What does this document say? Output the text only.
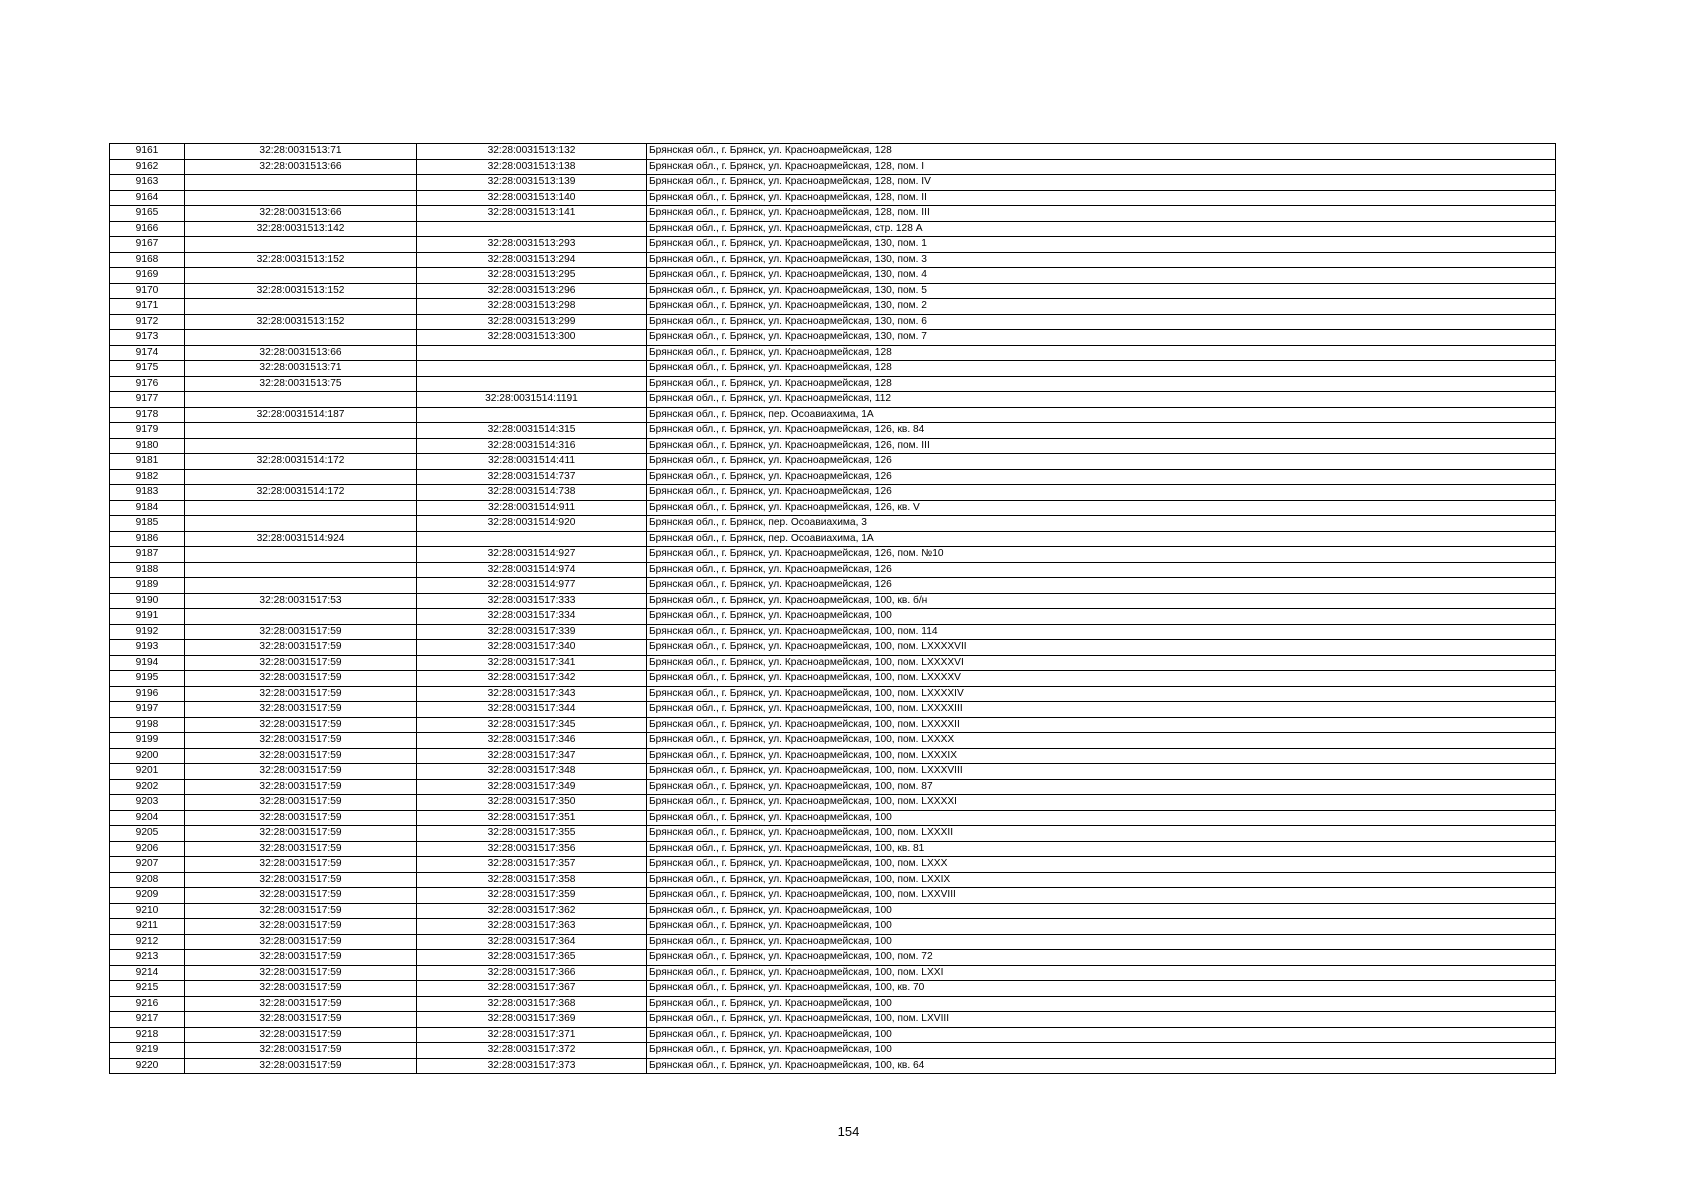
9161	32:28:0031513:71	32:28:0031513:132	Брянская обл., г. Брянск, ул. Красноармейская, 128
9162	32:28:0031513:66	32:28:0031513:138	Брянская обл., г. Брянск, ул. Красноармейская, 128, пом. I
9163		32:28:0031513:139	Брянская обл., г. Брянск, ул. Красноармейская, 128, пом. IV
9164		32:28:0031513:140	Брянская обл., г. Брянск, ул. Красноармейская, 128, пом. II
9165	32:28:0031513:66	32:28:0031513:141	Брянская обл., г. Брянск, ул. Красноармейская, 128, пом. III
9166	32:28:0031513:142		Брянская обл., г. Брянск, ул. Красноармейская, стр. 128 А
9167		32:28:0031513:293	Брянская обл., г. Брянск, ул. Красноармейская, 130, пом. 1
9168	32:28:0031513:152	32:28:0031513:294	Брянская обл., г. Брянск, ул. Красноармейская, 130, пом. 3
9169		32:28:0031513:295	Брянская обл., г. Брянск, ул. Красноармейская, 130, пом. 4
9170	32:28:0031513:152	32:28:0031513:296	Брянская обл., г. Брянск, ул. Красноармейская, 130, пом. 5
9171		32:28:0031513:298	Брянская обл., г. Брянск, ул. Красноармейская, 130, пом. 2
9172	32:28:0031513:152	32:28:0031513:299	Брянская обл., г. Брянск, ул. Красноармейская, 130, пом. 6
9173		32:28:0031513:300	Брянская обл., г. Брянск, ул. Красноармейская, 130, пом. 7
9174	32:28:0031513:66		Брянская обл., г. Брянск, ул. Красноармейская, 128
9175	32:28:0031513:71		Брянская обл., г. Брянск, ул. Красноармейская, 128
9176	32:28:0031513:75		Брянская обл., г. Брянск, ул. Красноармейская, 128
9177		32:28:0031514:1191	Брянская обл., г. Брянск, ул. Красноармейская, 112
9178	32:28:0031514:187		Брянская обл., г. Брянск, пер. Осоавиахима, 1А
9179		32:28:0031514:315	Брянская обл., г. Брянск, ул. Красноармейская, 126, кв. 84
9180		32:28:0031514:316	Брянская обл., г. Брянск, ул. Красноармейская, 126, пом. III
9181	32:28:0031514:172	32:28:0031514:411	Брянская обл., г. Брянск, ул. Красноармейская, 126
9182		32:28:0031514:737	Брянская обл., г. Брянск, ул. Красноармейская, 126
9183	32:28:0031514:172	32:28:0031514:738	Брянская обл., г. Брянск, ул. Красноармейская, 126
9184		32:28:0031514:911	Брянская обл., г. Брянск, ул. Красноармейская, 126, кв. V
9185		32:28:0031514:920	Брянская обл., г. Брянск, пер. Осоавиахима, 3
9186	32:28:0031514:924		Брянская обл., г. Брянск, пер. Осоавиахима, 1А
9187		32:28:0031514:927	Брянская обл., г. Брянск, ул. Красноармейская, 126, пом. №10
9188		32:28:0031514:974	Брянская обл., г. Брянск, ул. Красноармейская, 126
9189		32:28:0031514:977	Брянская обл., г. Брянск, ул. Красноармейская, 126
9190	32:28:0031517:53	32:28:0031517:333	Брянская обл., г. Брянск, ул. Красноармейская, 100, кв. б/н
9191		32:28:0031517:334	Брянская обл., г. Брянск, ул. Красноармейская, 100
9192	32:28:0031517:59	32:28:0031517:339	Брянская обл., г. Брянск, ул. Красноармейская, 100, пом. 114
9193	32:28:0031517:59	32:28:0031517:340	Брянская обл., г. Брянск, ул. Красноармейская, 100, пом. LXXXXVII
9194	32:28:0031517:59	32:28:0031517:341	Брянская обл., г. Брянск, ул. Красноармейская, 100, пом. LXXXXVI
9195	32:28:0031517:59	32:28:0031517:342	Брянская обл., г. Брянск, ул. Красноармейская, 100, пом. LXXXXV
9196	32:28:0031517:59	32:28:0031517:343	Брянская обл., г. Брянск, ул. Красноармейская, 100, пом. LXXXXIV
9197	32:28:0031517:59	32:28:0031517:344	Брянская обл., г. Брянск, ул. Красноармейская, 100, пом. LXXXXIII
9198	32:28:0031517:59	32:28:0031517:345	Брянская обл., г. Брянск, ул. Красноармейская, 100, пом. LXXXXII
9199	32:28:0031517:59	32:28:0031517:346	Брянская обл., г. Брянск, ул. Красноармейская, 100, пом. LXXXX
9200	32:28:0031517:59	32:28:0031517:347	Брянская обл., г. Брянск, ул. Красноармейская, 100, пом. LXXXIX
9201	32:28:0031517:59	32:28:0031517:348	Брянская обл., г. Брянск, ул. Красноармейская, 100, пом. LXXXVIII
9202	32:28:0031517:59	32:28:0031517:349	Брянская обл., г. Брянск, ул. Красноармейская, 100, пом. 87
9203	32:28:0031517:59	32:28:0031517:350	Брянская обл., г. Брянск, ул. Красноармейская, 100, пом. LXXXXI
9204	32:28:0031517:59	32:28:0031517:351	Брянская обл., г. Брянск, ул. Красноармейская, 100
9205	32:28:0031517:59	32:28:0031517:355	Брянская обл., г. Брянск, ул. Красноармейская, 100, пом. LXXXII
9206	32:28:0031517:59	32:28:0031517:356	Брянская обл., г. Брянск, ул. Красноармейская, 100, кв. 81
9207	32:28:0031517:59	32:28:0031517:357	Брянская обл., г. Брянск, ул. Красноармейская, 100, пом. LXXX
9208	32:28:0031517:59	32:28:0031517:358	Брянская обл., г. Брянск, ул. Красноармейская, 100, пом. LXXIX
9209	32:28:0031517:59	32:28:0031517:359	Брянская обл., г. Брянск, ул. Красноармейская, 100, пом. LXXVIII
9210	32:28:0031517:59	32:28:0031517:362	Брянская обл., г. Брянск, ул. Красноармейская, 100
9211	32:28:0031517:59	32:28:0031517:363	Брянская обл., г. Брянск, ул. Красноармейская, 100
9212	32:28:0031517:59	32:28:0031517:364	Брянская обл., г. Брянск, ул. Красноармейская, 100
9213	32:28:0031517:59	32:28:0031517:365	Брянская обл., г. Брянск, ул. Красноармейская, 100, пом. 72
9214	32:28:0031517:59	32:28:0031517:366	Брянская обл., г. Брянск, ул. Красноармейская, 100, пом. LXXI
9215	32:28:0031517:59	32:28:0031517:367	Брянская обл., г. Брянск, ул. Красноармейская, 100, кв. 70
9216	32:28:0031517:59	32:28:0031517:368	Брянская обл., г. Брянск, ул. Красноармейская, 100
9217	32:28:0031517:59	32:28:0031517:369	Брянская обл., г. Брянск, ул. Красноармейская, 100, пом. LXVIII
9218	32:28:0031517:59	32:28:0031517:371	Брянская обл., г. Брянск, ул. Красноармейская, 100
9219	32:28:0031517:59	32:28:0031517:372	Брянская обл., г. Брянск, ул. Красноармейская, 100
9220	32:28:0031517:59	32:28:0031517:373	Брянская обл., г. Брянск, ул. Красноармейская, 100, кв. 64
154
